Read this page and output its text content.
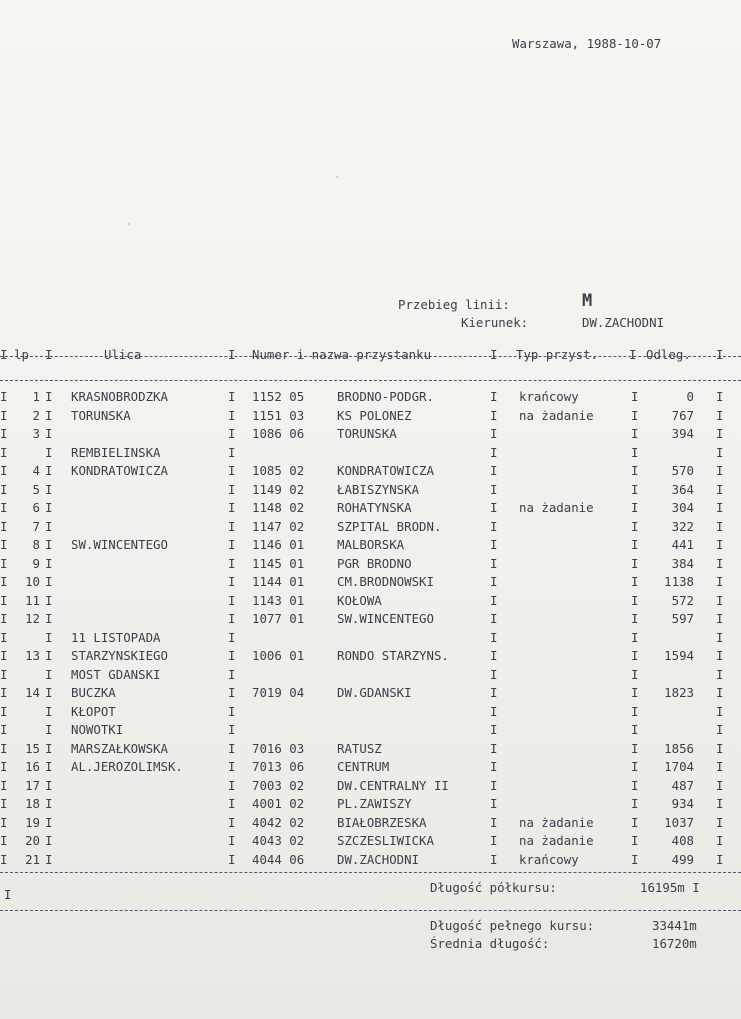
Warszawa, 1988-10-07
Przebieg linii:	M
Kierunek:	DW.ZACHODNI
I lp I	Ulica	I Numer i nazwa przystanku	I Typ przyst. I Odleg. I
I	1 I KRASNOBRODZKA	I 1152 05	BRODNO-PODGR.	I krańcowy	I	0 I
I	2 I TORUNSKA	I 1151 03	KS POLONEZ	I na żadanie	I	767 I
I	3 I	I 1086 06	TORUNSKA	I	I	394 I
I	I REMBIELINSKA	I	I	I	I
I	4 I KONDRATOWICZA	I 1085 02	KONDRATOWICZA	I	I	570 I
I	5 I	I 1149 02	ŁABISZYNSKA	I	I	364 I
I	6 I	I 1148 02	ROHATYNSKA	I na żadanie	I	304 I
I	7 I	I 1147 02	SZPITAL BRODN.	I	I	322 I
I	8 I SW.WINCENTEGO	I 1146 01	MALBORSKA	I	I	441 I
I	9 I	I 1145 01	PGR BRODNO	I	I	384 I
I	10 I	I 1144 01	CM.BRODNOWSKI	I	I	1138 I
I	11 I	I 1143 01	KOŁOWA	I	I	572 I
I	12 I	I 1077 01	SW.WINCENTEGO	I	I	597 I
I	I 11 LISTOPADA	I	I	I	I
I	13 I STARZYNSKIEGO	I 1006 01	RONDO STARZYNS.	I	I	1594 I
I	I MOST GDANSKI	I	I	I	I
I	14 I BUCZKA	I 7019 04	DW.GDANSKI	I	I	1823 I
I	I KŁOPOT	I	I	I	I
I	I NOWOTKI	I	I	I	I
I	15 I MARSZAŁKOWSKA	I 7016 03	RATUSZ	I	I	1856 I
I	16 I AL.JEROZOLIMSK.	I 7013 06	CENTRUM	I	I	1704 I
I	17 I	I 7003 02	DW.CENTRALNY II	I	I	487 I
I	18 I	I 4001 02	PL.ZAWISZY	I	I	934 I
I	19 I	I 4042 02	BIAŁOBRZESKA	I na żadanie	I	1037 I
I	20 I	I 4043 02	SZCZESLIWICKA	I na żadanie	I	408 I
I	21 I	I 4044 06	DW.ZACHODNI	I krańcowy	I	499 I
I	Długość półkursu:	16195m I
Długość pełnego kursu:	33441m
Średnia długość:	16720m
